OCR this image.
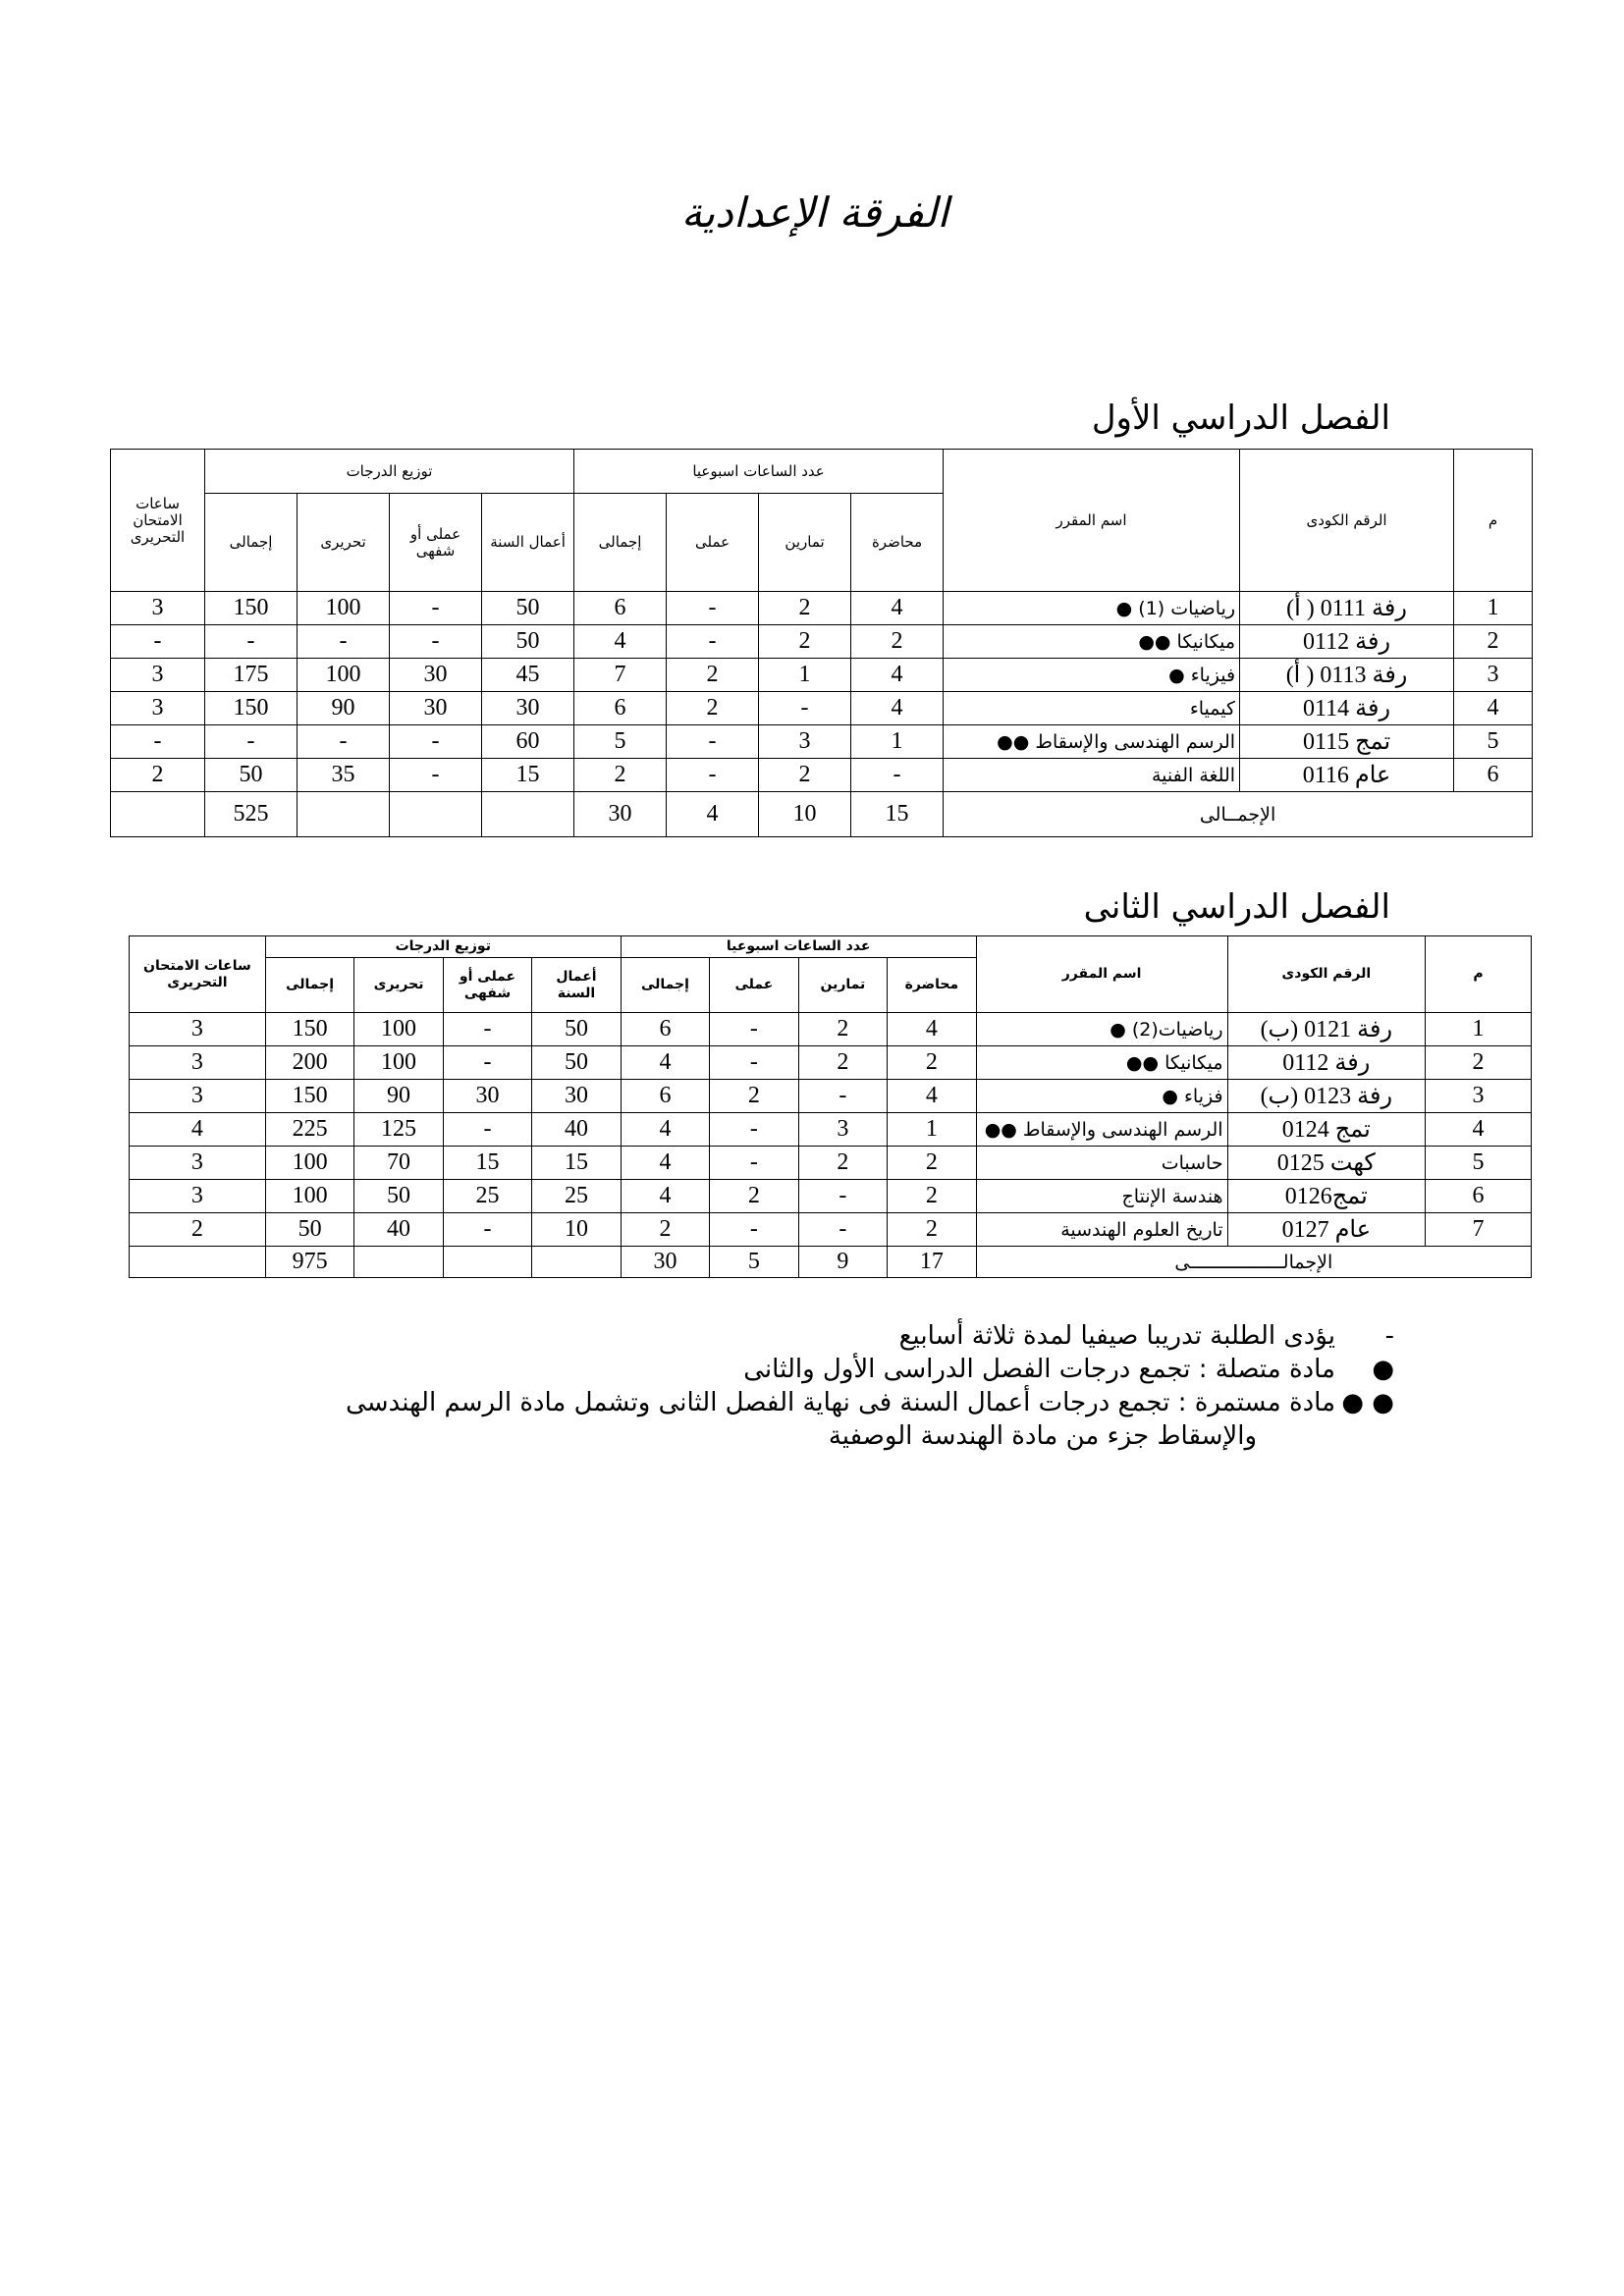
الفرقة الإعدادية
الفصل الدراسي الأول
م	الرقم الكودى	اسم المقرر	عدد الساعات اسبوعيا				توزيع الدرجات				ساعات الامتحان التحريرى
			محاضرة	تمارين	عملى	إجمالى	أعمال السنة	عملى أو شفهى	تحريرى	إجمالى	
1	رفة 0111 ( أ)	رياضيات (1) ●	4	2	-	6	50	-	100	150	3
2	رفة 0112	ميكانيكا ●●	2	2	-	4	50	-	-	-	-
3	رفة 0113 ( أ)	فيزياء ●	4	1	2	7	45	30	100	175	3
4	رفة 0114	كيمياء	4	-	2	6	30	30	90	150	3
5	تمج 0115	الرسم الهندسى والإسقاط ●●	1	3	-	5	60	-	-	-	-
6	عام 0116	اللغة الفنية	-	2	-	2	15	-	35	50	2
الإجمــالى			15	10	4	30				525	
الفصل الدراسي الثانى
م	الرقم الكودى	اسم المقرر	عدد الساعات اسبوعيا				توزيع الدرجات				ساعات الامتحان التحريرى
			محاضرة	تمارين	عملى	إجمالى	أعمال السنة	عملى أو شفهى	تحريرى	إجمالى	
1	رفة 0121 (ب)	رياضيات(2) ●	4	2	-	6	50	-	100	150	3
2	رفة 0112	ميكانيكا ●●	2	2	-	4	50	-	100	200	3
3	رفة 0123 (ب)	فزياء ●	4	-	2	6	30	30	90	150	3
4	تمج 0124	الرسم الهندسى والإسقاط ●●	1	3	-	4	40	-	125	225	4
5	كهت 0125	حاسبات	2	2	-	4	15	15	70	100	3
6	تمج0126	هندسة الإنتاج	2	-	2	4	25	25	50	100	3
7	عام 0127	تاريخ العلوم الهندسية	2	-	-	2	10	-	40	50	2
الإجمالـــــــــــــــــى			17	9	5	30				975	
-
يؤدى الطلبة تدريبا صيفيا لمدة ثلاثة أسابيع
●
مادة متصلة : تجمع درجات الفصل الدراسى الأول والثانى
● ●
مادة مستمرة : تجمع درجات أعمال السنة فى نهاية الفصل الثانى وتشمل مادة الرسم الهندسى
والإسقاط جزء من مادة الهندسة الوصفية
